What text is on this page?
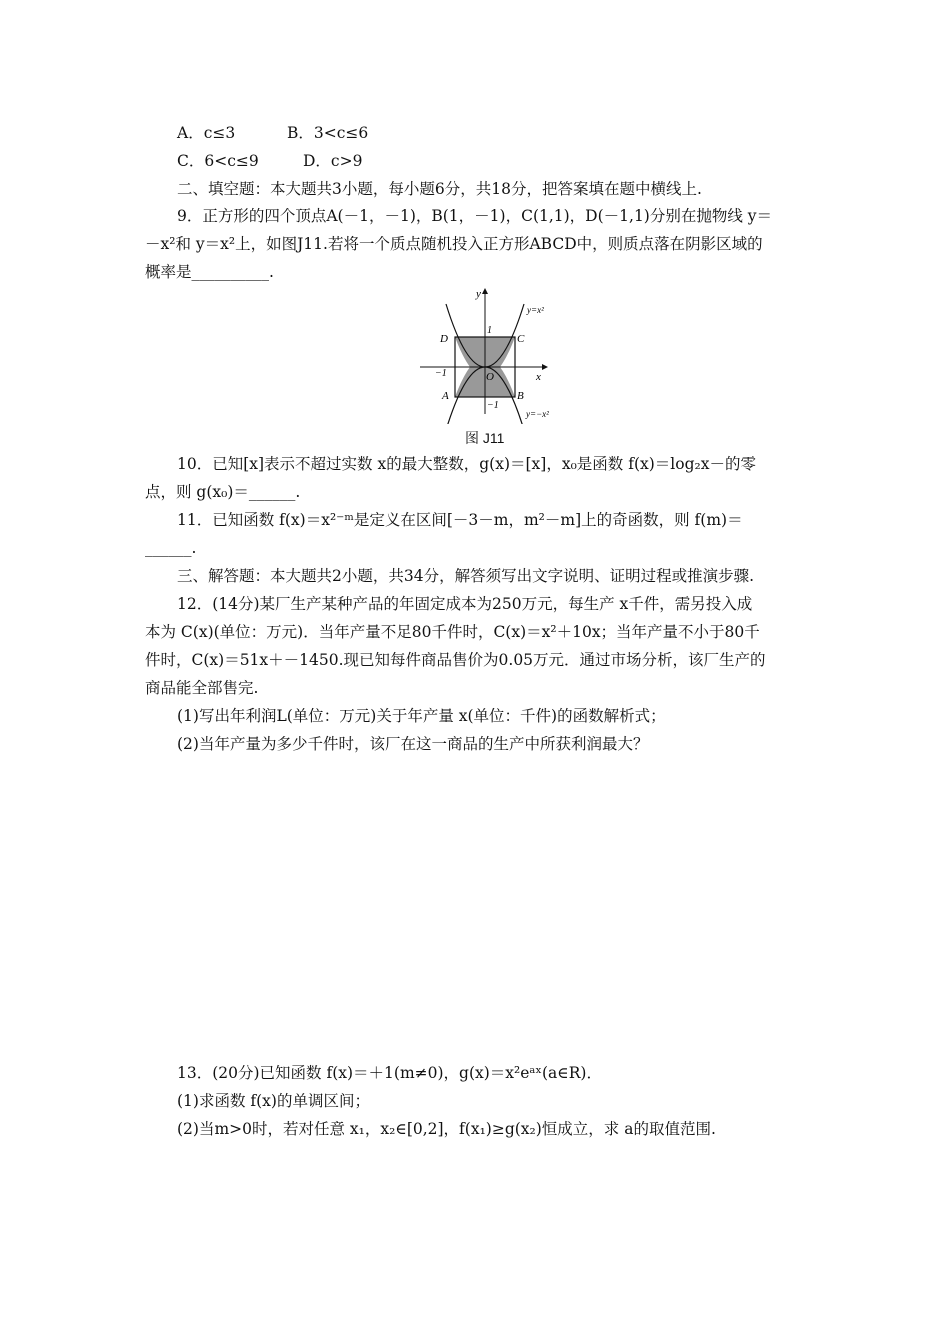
A．c≤3	B．3<c≤6
C．6<c≤9	D．c>9
二、填空题：本大题共3小题，每小题6分，共18分，把答案填在题中横线上.
9．正方形的四个顶点A(－1，－1)，B(1，－1)，C(1,1)，D(－1,1)分别在抛物线 y＝
－x²和 y＝x²上，如图J11.若将一个质点随机投入正方形ABCD中，则质点落在阴影区域的
概率是__________.
y
x
O
1
−1
−1
A	B
C
D
y=x²
y=−x²
图 J11
10．已知[x]表示不超过实数 x的最大整数，g(x)＝[x]，x₀是函数 f(x)＝log₂x－的零
点，则 g(x₀)＝______.
11．已知函数 f(x)＝x²⁻ᵐ是定义在区间[－3－m，m²－m]上的奇函数，则 f(m)＝
______.
三、解答题：本大题共2小题，共34分，解答须写出文字说明、证明过程或推演步骤.
12．(14分)某厂生产某种产品的年固定成本为250万元，每生产 x千件，需另投入成
本为 C(x)(单位：万元)．当年产量不足80千件时，C(x)＝x²＋10x；当年产量不小于80千
件时，C(x)＝51x＋－1450.现已知每件商品售价为0.05万元．通过市场分析，该厂生产的
商品能全部售完.
(1)写出年利润L(单位：万元)关于年产量 x(单位：千件)的函数解析式；
(2)当年产量为多少千件时，该厂在这一商品的生产中所获利润最大？
13．(20分)已知函数 f(x)＝＋1(m≠0)，g(x)＝x²eᵃˣ(a∈R)．
(1)求函数 f(x)的单调区间；
(2)当m>0时，若对任意 x₁，x₂∈[0,2]，f(x₁)≥g(x₂)恒成立，求 a的取值范围.
